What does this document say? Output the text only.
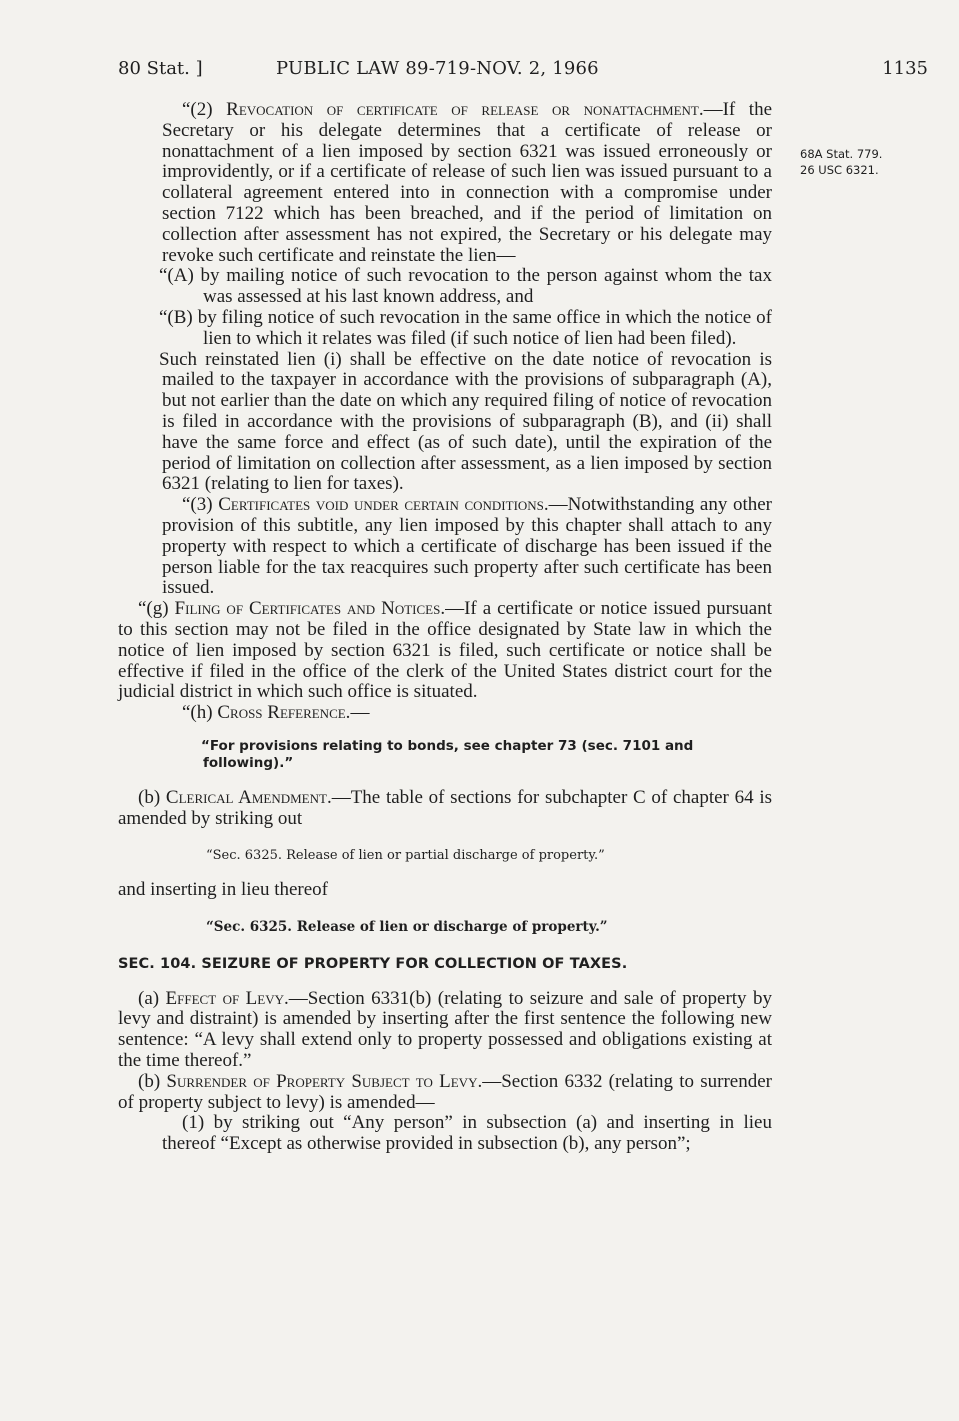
80 Stat. ]	PUBLIC LAW 89-719-NOV. 2, 1966	1135
68A Stat. 779.
26 USC 6321.

“(2) Revocation of certificate of release or nonattachment.—If the Secretary or his delegate determines that a certificate of release or nonattachment of a lien imposed by section 6321 was issued erroneously or improvidently, or if a certificate of release of such lien was issued pursuant to a collateral agreement entered into in connection with a compromise under section 7122 which has been breached, and if the period of limitation on collection after assessment has not expired, the Secretary or his delegate may revoke such certificate and reinstate the lien—

“(A) by mailing notice of such revocation to the person against whom the tax was assessed at his last known address, and

“(B) by filing notice of such revocation in the same office in which the notice of lien to which it relates was filed (if such notice of lien had been filed).

Such reinstated lien (i) shall be effective on the date notice of revocation is mailed to the taxpayer in accordance with the provisions of subparagraph (A), but not earlier than the date on which any required filing of notice of revocation is filed in accordance with the provisions of subparagraph (B), and (ii) shall have the same force and effect (as of such date), until the expiration of the period of limitation on collection after assessment, as a lien imposed by section 6321 (relating to lien for taxes).

“(3) Certificates void under certain conditions.—Notwithstanding any other provision of this subtitle, any lien imposed by this chapter shall attach to any property with respect to which a certificate of discharge has been issued if the person liable for the tax reacquires such property after such certificate has been issued.

“(g) Filing of Certificates and Notices.—If a certificate or notice issued pursuant to this section may not be filed in the office designated by State law in which the notice of lien imposed by section 6321 is filed, such certificate or notice shall be effective if filed in the office of the clerk of the United States district court for the judicial district in which such office is situated.

“(h) Cross Reference.—

“For provisions relating to bonds, see chapter 73 (sec. 7101 and following).”

(b) Clerical Amendment.—The table of sections for subchapter C of chapter 64 is amended by striking out

“Sec. 6325. Release of lien or partial discharge of property.”

and inserting in lieu thereof

“Sec. 6325. Release of lien or discharge of property.”

SEC. 104. SEIZURE OF PROPERTY FOR COLLECTION OF TAXES.

(a) Effect of Levy.—Section 6331(b) (relating to seizure and sale of property by levy and distraint) is amended by inserting after the first sentence the following new sentence: “A levy shall extend only to property possessed and obligations existing at the time thereof.”

(b) Surrender of Property Subject to Levy.—Section 6332 (relating to surrender of property subject to levy) is amended—

(1) by striking out “Any person” in subsection (a) and inserting in lieu thereof “Except as otherwise provided in subsection (b), any person”;
